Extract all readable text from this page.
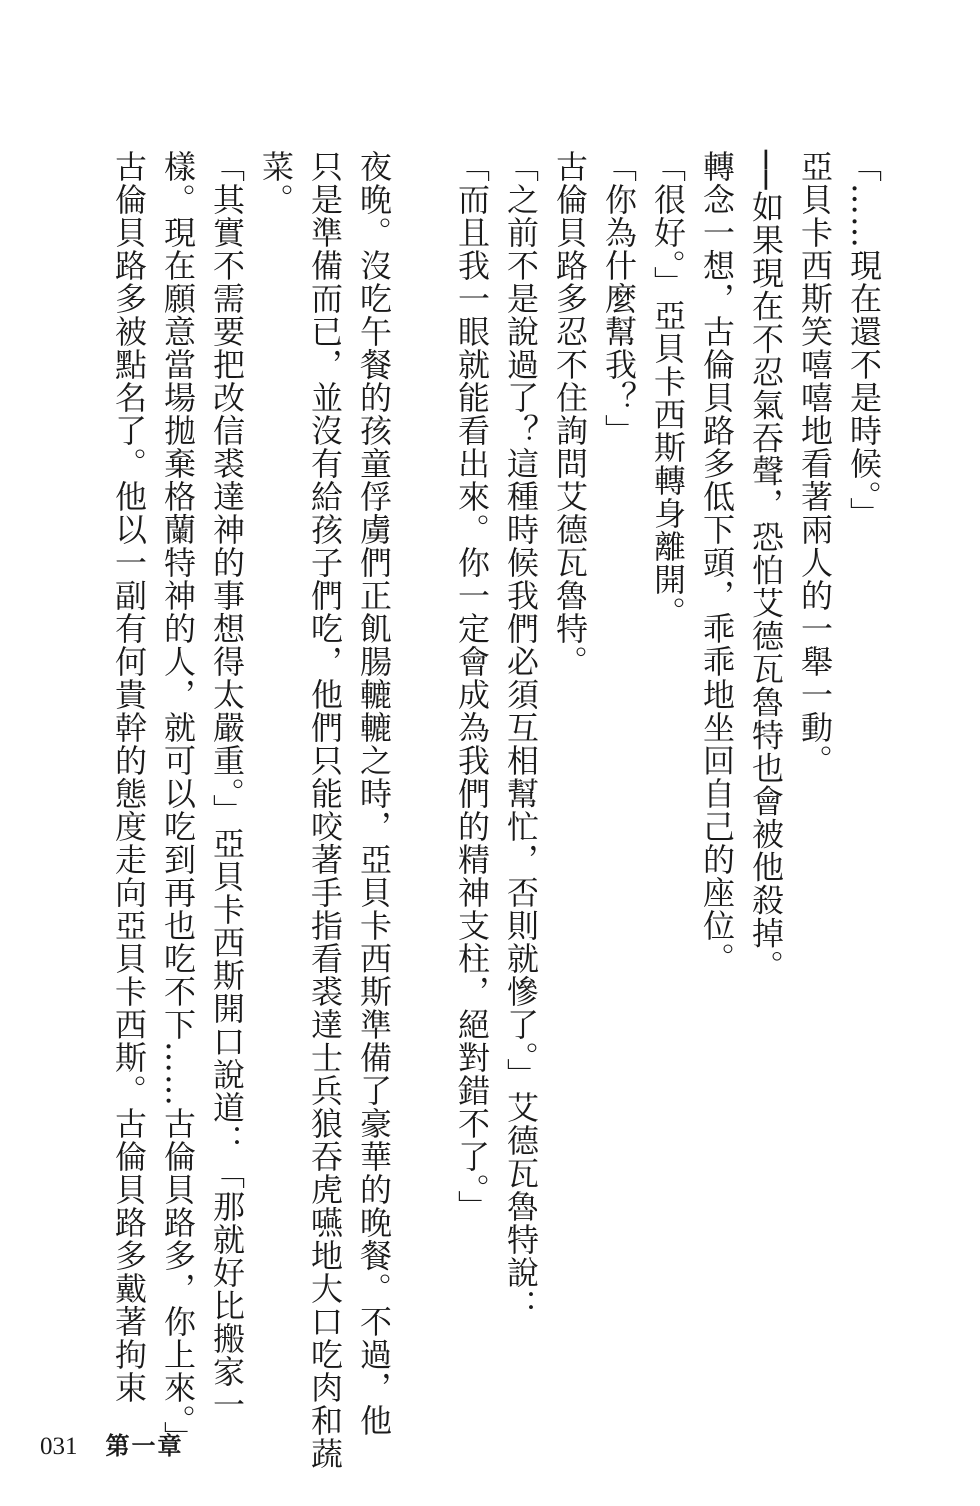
「……現在還不是時候。」
亞貝卡西斯笑嘻嘻地看著兩人的一舉一動。
──如果現在不忍氣吞聲，恐怕艾德瓦魯特也會被他殺掉。
轉念一想，古倫貝路多低下頭，乖乖地坐回自己的座位。
「很好。」亞貝卡西斯轉身離開。
「你為什麼幫我？」
古倫貝路多忍不住詢問艾德瓦魯特。
「之前不是說過了？這種時候我們必須互相幫忙，否則就慘了。」艾德瓦魯特說：
「而且我一眼就能看出來。你一定會成為我們的精神支柱，絕對錯不了。」
夜晚。沒吃午餐的孩童俘虜們正飢腸轆轆之時，亞貝卡西斯準備了豪華的晚餐。不過，他
只是準備而已，並沒有給孩子們吃，他們只能咬著手指看裘達士兵狼吞虎嚥地大口吃肉和蔬
菜。
「其實不需要把改信裘達神的事想得太嚴重。」亞貝卡西斯開口說道：「那就好比搬家一
樣。現在願意當場拋棄格蘭特神的人，就可以吃到再也吃不下……古倫貝路多，你上來。」
古倫貝路多被點名了。他以一副有何貴幹的態度走向亞貝卡西斯。古倫貝路多戴著拘束
031 第一章
